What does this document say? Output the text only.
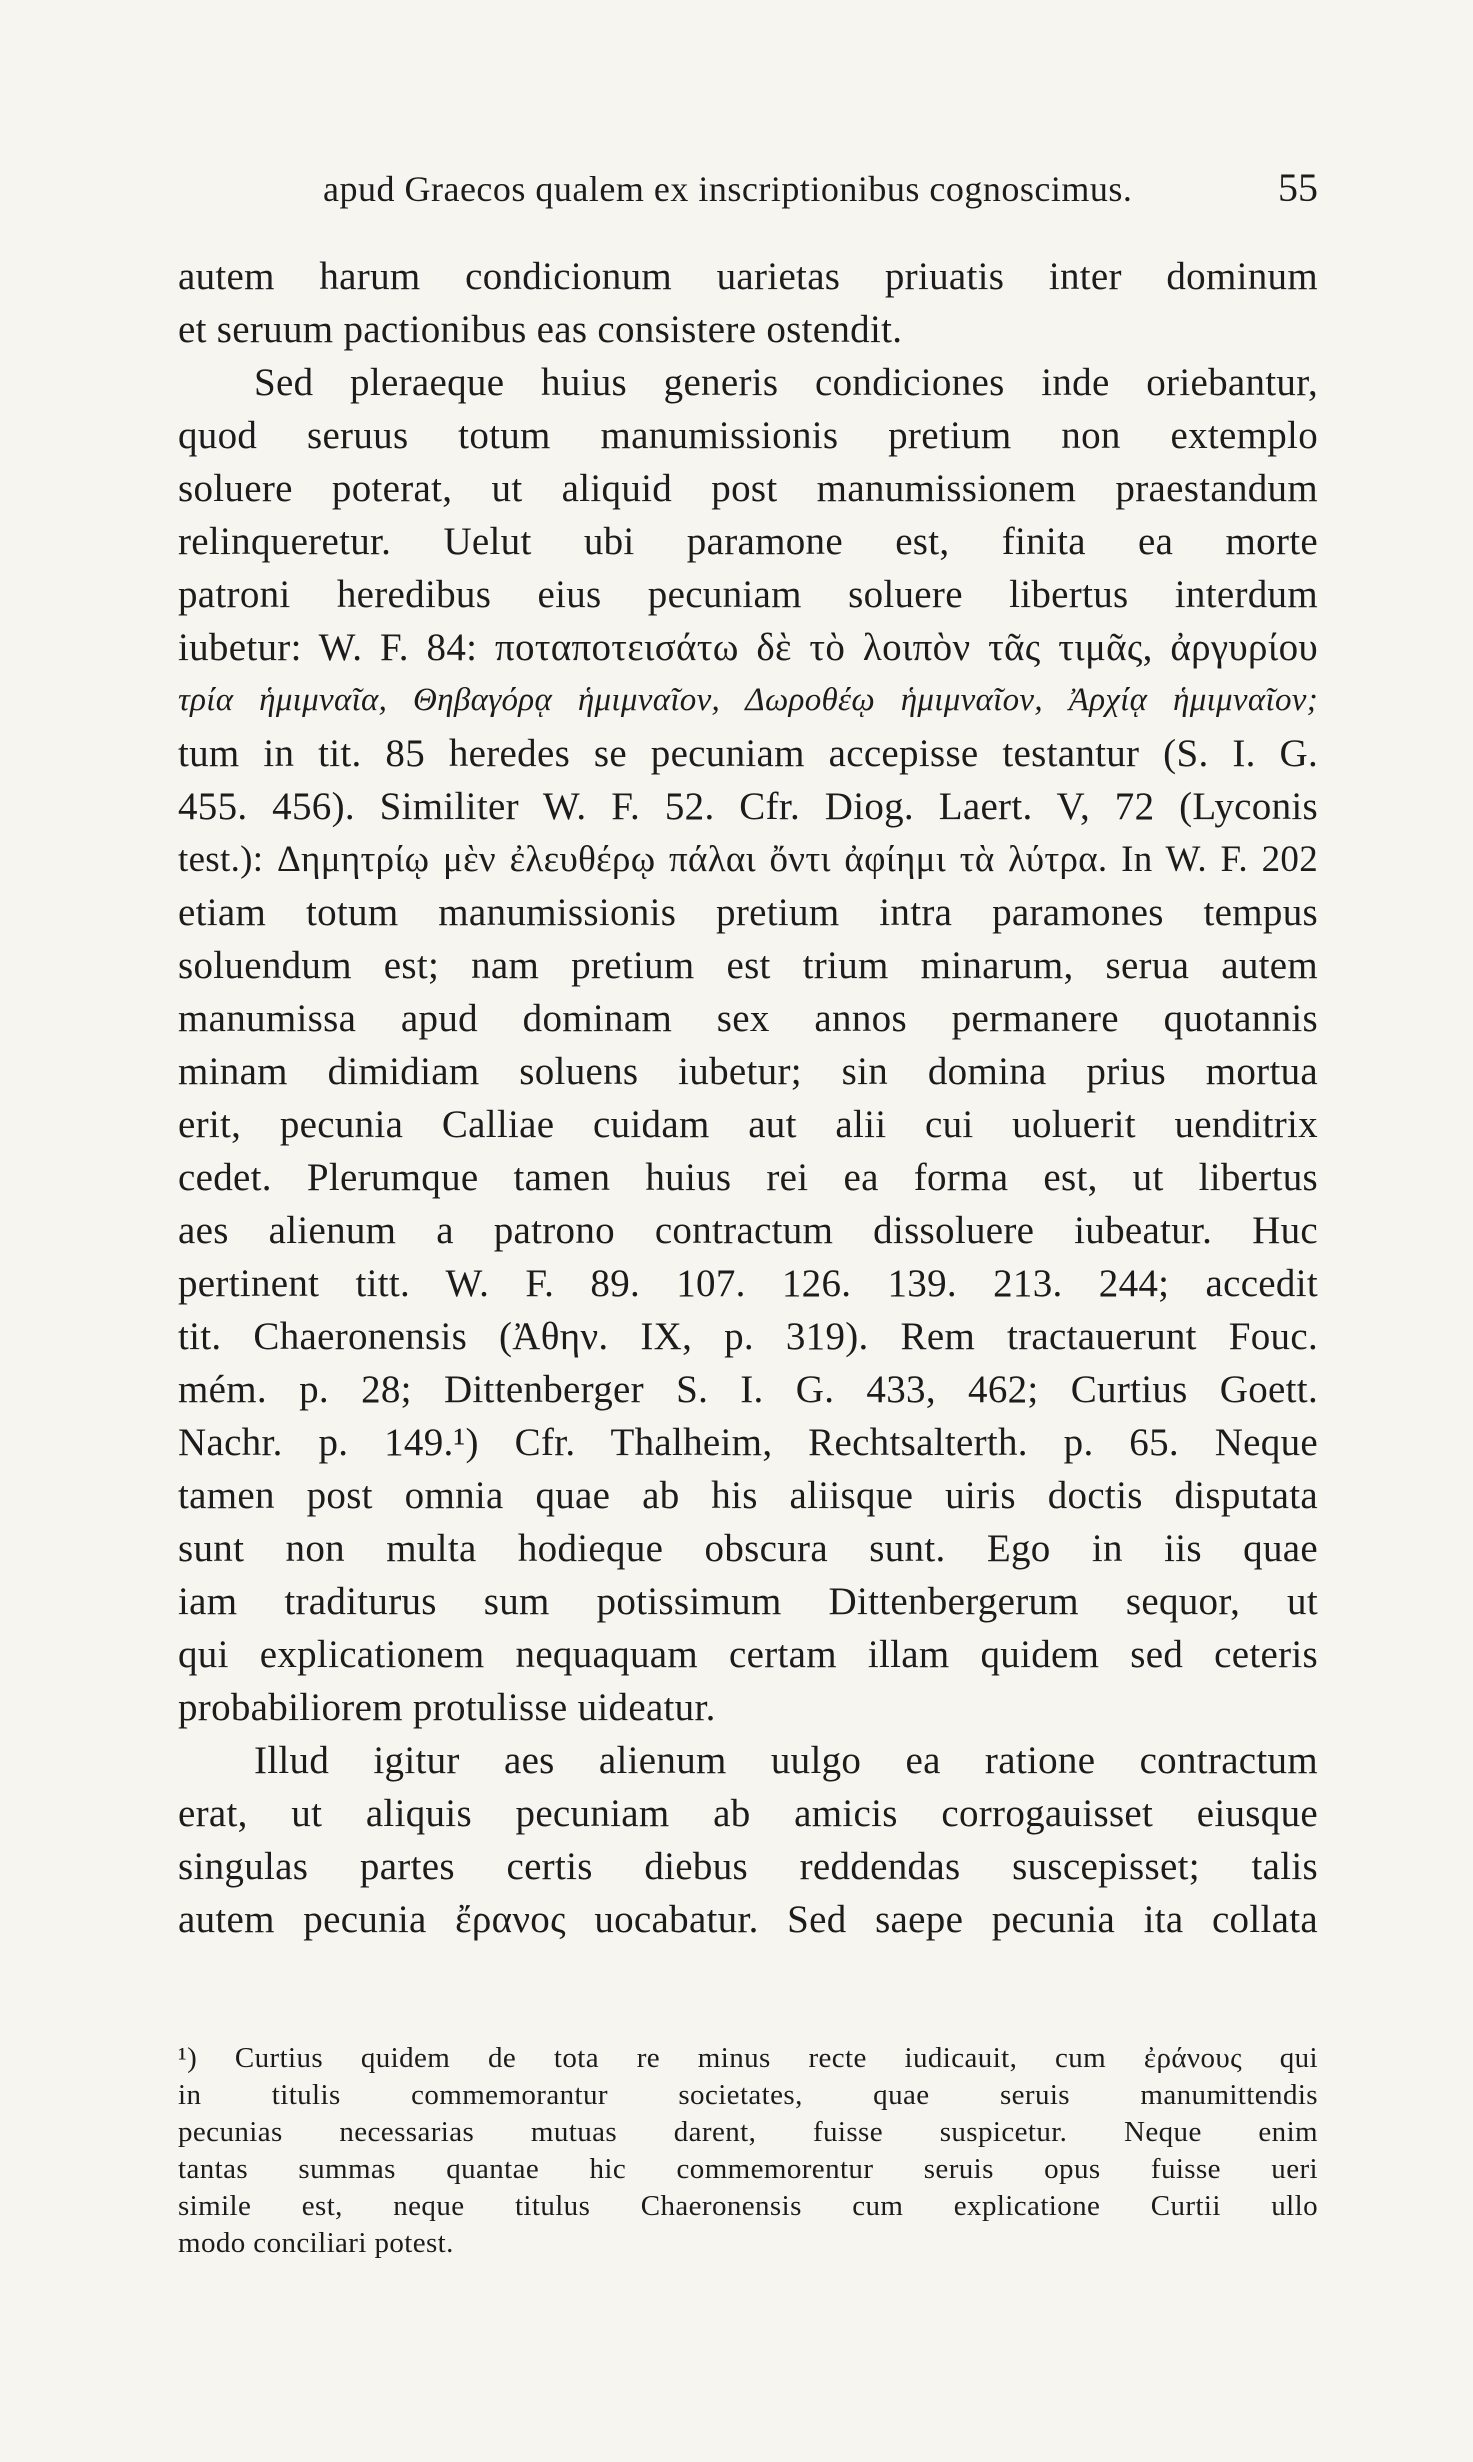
apud Graecos qualem ex inscriptionibus cognoscimus.	55
autem harum condicionum uarietas priuatis inter dominum
et seruum pactionibus eas consistere ostendit.
Sed pleraeque huius generis condiciones inde oriebantur,
quod seruus totum manumissionis pretium non extemplo
soluere poterat, ut aliquid post manumissionem praestandum
relinqueretur. Uelut ubi paramone est, finita ea morte
patroni heredibus eius pecuniam soluere libertus interdum
iubetur: W. F. 84: ποταποτεισάτω δὲ τὸ λοιπὸν τᾶς τιμᾶς, ἀργυρίου
τρία ἡμιμναῖα, Θηβαγόρᾳ ἡμιμναῖον, Δωροθέῳ ἡμιμναῖον, Ἀρχίᾳ ἡμιμναῖον;
tum in tit. 85 heredes se pecuniam accepisse testantur (S. I. G.
455. 456). Similiter W. F. 52. Cfr. Diog. Laert. V, 72 (Lyconis
test.): Δημητρίῳ μὲν ἐλευθέρῳ πάλαι ὄντι ἀφίημι τὰ λύτρα. In W. F. 202
etiam totum manumissionis pretium intra paramones tempus
soluendum est; nam pretium est trium minarum, serua autem
manumissa apud dominam sex annos permanere quotannis
minam dimidiam soluens iubetur; sin domina prius mortua
erit, pecunia Calliae cuidam aut alii cui uoluerit uenditrix
cedet. Plerumque tamen huius rei ea forma est, ut libertus
aes alienum a patrono contractum dissoluere iubeatur. Huc
pertinent titt. W. F. 89. 107. 126. 139. 213. 244; accedit
tit. Chaeronensis (Ἀθην. IX, p. 319). Rem tractauerunt Fouc.
mém. p. 28; Dittenberger S. I. G. 433, 462; Curtius Goett.
Nachr. p. 149.¹) Cfr. Thalheim, Rechtsalterth. p. 65. Neque
tamen post omnia quae ab his aliisque uiris doctis disputata
sunt non multa hodieque obscura sunt. Ego in iis quae
iam traditurus sum potissimum Dittenbergerum sequor, ut
qui explicationem nequaquam certam illam quidem sed ceteris
probabiliorem protulisse uideatur.
Illud igitur aes alienum uulgo ea ratione contractum
erat, ut aliquis pecuniam ab amicis corrogauisset eiusque
singulas partes certis diebus reddendas suscepisset; talis
autem pecunia ἔρανος uocabatur. Sed saepe pecunia ita collata
¹) Curtius quidem de tota re minus recte iudicauit, cum ἐράνους qui
in titulis commemorantur societates, quae seruis manumittendis
pecunias necessarias mutuas darent, fuisse suspicetur. Neque enim
tantas summas quantae hic commemorentur seruis opus fuisse ueri
simile est, neque titulus Chaeronensis cum explicatione Curtii ullo
modo conciliari potest.
